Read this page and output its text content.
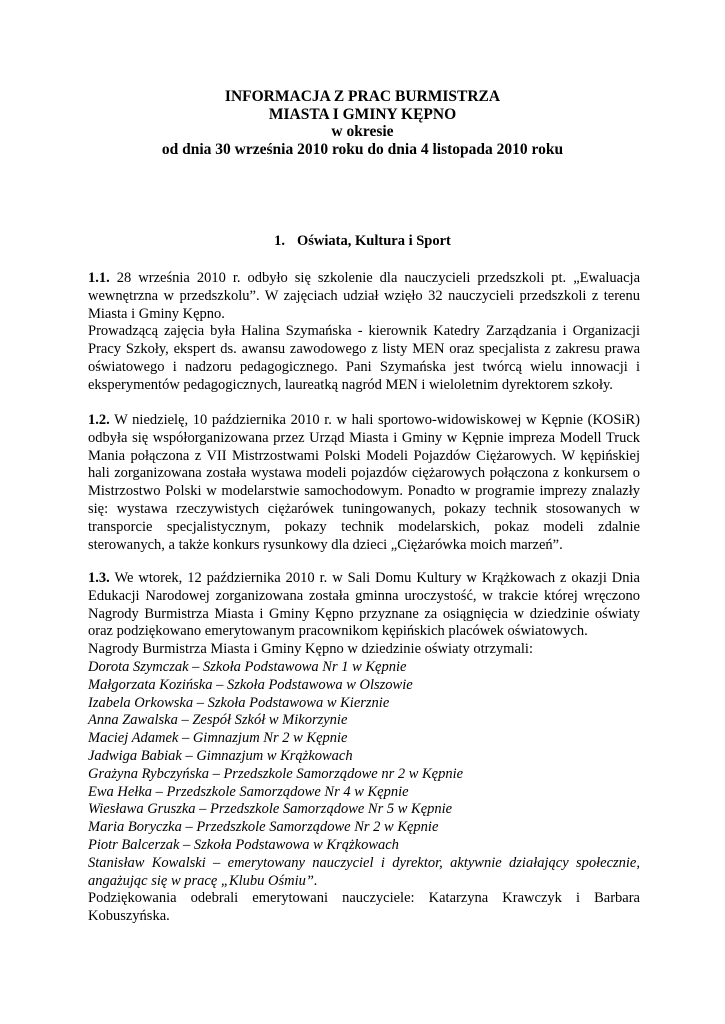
INFORMACJA Z PRAC BURMISTRZA
MIASTA I GMINY KĘPNO
w okresie
od dnia 30 września 2010 roku do dnia 4 listopada 2010 roku
1. Oświata, Kultura i Sport
1.1. 28 września 2010 r. odbyło się szkolenie dla nauczycieli przedszkoli pt. „Ewaluacja
wewnętrzna w przedszkolu”. W zajęciach udział wzięło 32 nauczycieli przedszkoli z terenu
Miasta i Gminy Kępno.
Prowadzącą zajęcia była Halina Szymańska - kierownik Katedry Zarządzania i Organizacji
Pracy Szkoły, ekspert ds. awansu zawodowego z listy MEN oraz specjalista z zakresu prawa
oświatowego i nadzoru pedagogicznego. Pani Szymańska jest twórcą wielu innowacji i
eksperymentów pedagogicznych, laureatką nagród MEN i wieloletnim dyrektorem szkoły.
1.2. W niedzielę, 10 października 2010 r. w hali sportowo-widowiskowej w Kępnie (KOSiR)
odbyła się współorganizowana przez Urząd Miasta i Gminy w Kępnie impreza Modell Truck
Mania połączona z VII Mistrzostwami Polski Modeli Pojazdów Ciężarowych. W kępińskiej
hali zorganizowana została wystawa modeli pojazdów ciężarowych połączona z konkursem o
Mistrzostwo Polski w modelarstwie samochodowym. Ponadto w programie imprezy znalazły
się: wystawa rzeczywistych ciężarówek tuningowanych, pokazy technik stosowanych w
transporcie specjalistycznym, pokazy technik modelarskich, pokaz modeli zdalnie
sterowanych, a także konkurs rysunkowy dla dzieci „Ciężarówka moich marzeń”.
1.3. We wtorek, 12 października 2010 r. w Sali Domu Kultury w Krążkowach z okazji Dnia
Edukacji Narodowej zorganizowana została gminna uroczystość, w trakcie której wręczono
Nagrody Burmistrza Miasta i Gminy Kępno przyznane za osiągnięcia w dziedzinie oświaty
oraz podziękowano emerytowanym pracownikom kępińskich placówek oświatowych.
Nagrody Burmistrza Miasta i Gminy Kępno w dziedzinie oświaty otrzymali:
Dorota Szymczak – Szkoła Podstawowa Nr 1 w Kępnie
Małgorzata Kozińska – Szkoła Podstawowa w Olszowie
Izabela Orkowska – Szkoła Podstawowa w Kierznie
Anna Zawalska – Zespół Szkół w Mikorzynie
Maciej Adamek – Gimnazjum Nr 2 w Kępnie
Jadwiga Babiak – Gimnazjum w Krążkowach
Grażyna Rybczyńska – Przedszkole Samorządowe nr 2 w Kępnie
Ewa Hełka – Przedszkole Samorządowe Nr 4 w Kępnie
Wiesława Gruszka – Przedszkole Samorządowe Nr 5 w Kępnie
Maria Boryczka – Przedszkole Samorządowe Nr 2 w Kępnie
Piotr Balcerzak – Szkoła Podstawowa w Krążkowach
Stanisław Kowalski – emerytowany nauczyciel i dyrektor, aktywnie działający społecznie,
angażując się w pracę „Klubu Ośmiu”.
Podziękowania odebrali emerytowani nauczyciele: Katarzyna Krawczyk i Barbara
Kobuszyńska.
